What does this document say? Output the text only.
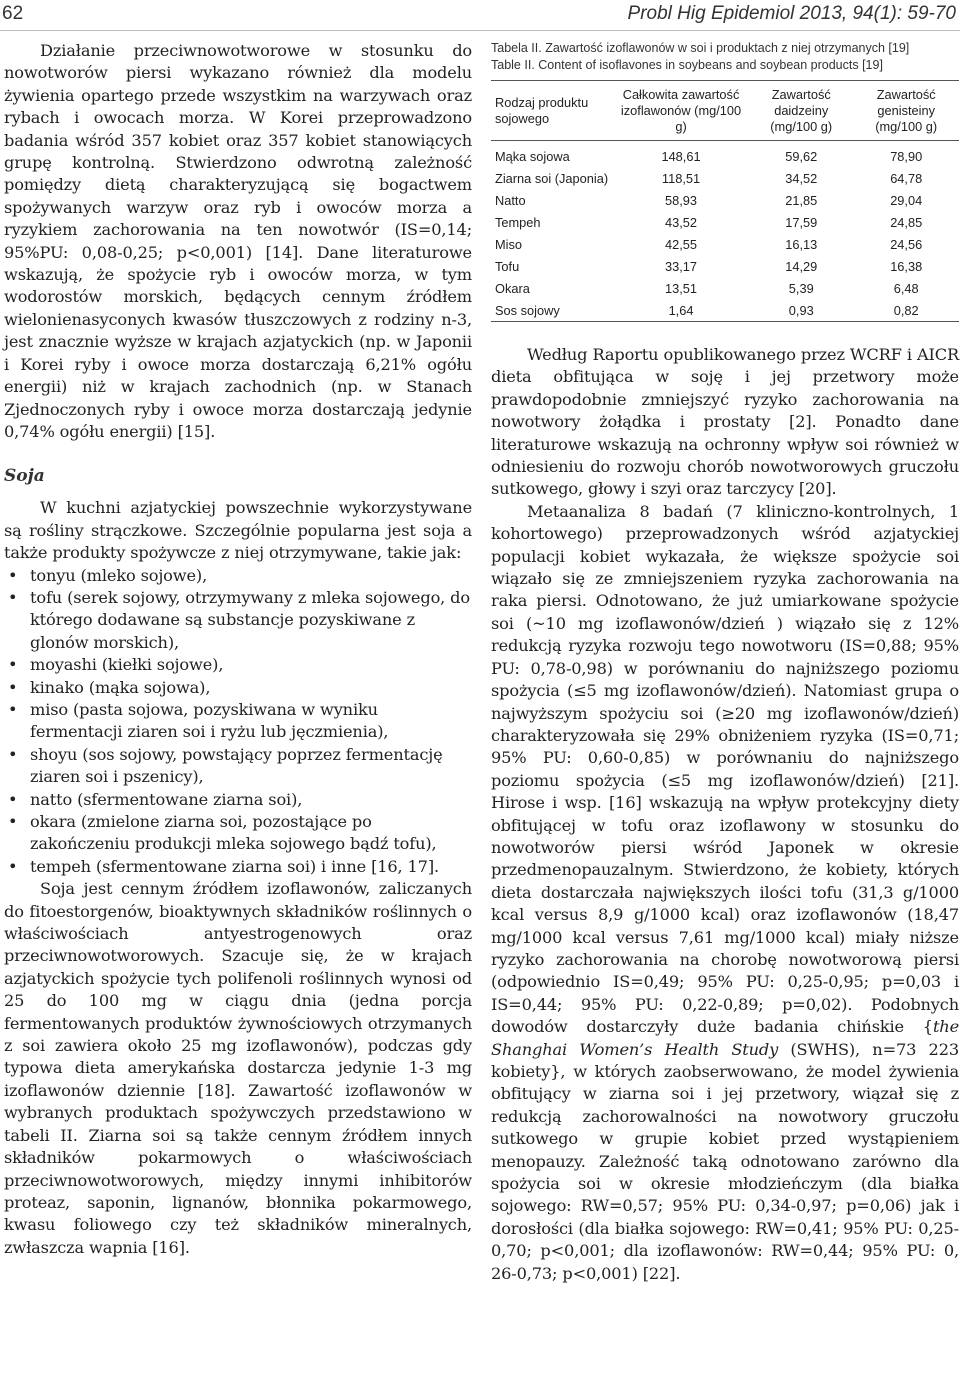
62	Probl Hig Epidemiol 2013, 94(1): 59-70

Działanie przeciwnowotworowe w stosunku do nowotworów piersi wykazano również dla modelu żywienia opartego przede wszystkim na warzywach oraz rybach i owocach morza. W Korei przeprowadzono badania wśród 357 kobiet oraz 357 kobiet stanowiących grupę kontrolną. Stwierdzono odwrotną zależność pomiędzy dietą charakteryzującą się bogactwem spożywanych warzyw oraz ryb i owoców morza a ryzykiem zachorowania na ten nowotwór (IS=0,14; 95%PU: 0,08-0,25; p<0,001) [14]. Dane literaturowe wskazują, że spożycie ryb i owoców morza, w tym wodorostów morskich, będących cennym źródłem wielonienasyconych kwasów tłuszczowych z rodziny n-3, jest znacznie wyższe w krajach azjatyckich (np. w Japonii i Korei ryby i owoce morza dostarczają 6,21% ogółu energii) niż w krajach zachodnich (np. w Stanach Zjednoczonych ryby i owoce morza dostarczają jedynie 0,74% ogółu energii) [15].

Soja

W kuchni azjatyckiej powszechnie wykorzystywane są rośliny strączkowe. Szczególnie popularna jest soja a także produkty spożywcze z niej otrzymywane, takie jak:

• tonyu (mleko sojowe),
• tofu (serek sojowy, otrzymywany z mleka sojowego, do którego dodawane są substancje pozyskiwane z glonów morskich),
• moyashi (kiełki sojowe),
• kinako (mąka sojowa),
• miso (pasta sojowa, pozyskiwana w wyniku fermentacji ziaren soi i ryżu lub jęczmienia),
• shoyu (sos sojowy, powstający poprzez fermentację ziaren soi i pszenicy),
• natto (sfermentowane ziarna soi),
• okara (zmielone ziarna soi, pozostające po zakończeniu produkcji mleka sojowego bądź tofu),
• tempeh (sfermentowane ziarna soi) i inne [16, 17].

Soja jest cennym źródłem izoflawonów, zaliczanych do fitoestorgenów, bioaktywnych składników roślinnych o właściwościach antyestrogenowych oraz przeciwnowotworowych. Szacuje się, że w krajach azjatyckich spożycie tych polifenoli roślinnych wynosi od 25 do 100 mg w ciągu dnia (jedna porcja fermentowanych produktów żywnościowych otrzymanych z soi zawiera około 25 mg izoflawonów), podczas gdy typowa dieta amerykańska dostarcza jedynie 1-3 mg izoflawonów dziennie [18]. Zawartość izoflawonów w wybranych produktach spożywczych przedstawiono w tabeli II. Ziarna soi są także cennym źródłem innych składników pokarmowych o właściwościach przeciwnowotworowych, między innymi inhibitorów proteaz, saponin, lignanów, błonnika pokarmowego, kwasu foliowego czy też składników mineralnych, zwłaszcza wapnia [16].

Tabela II. Zawartość izoflawonów w soi i produktach z niej otrzymanych [19]
Table II. Content of isoflavones in soybeans and soybean products [19]
Rodzaj produktu sojowego	Całkowita zawartość izoflawonów (mg/100 g)	Zawartość daidzeiny (mg/100 g)	Zawartość genisteiny (mg/100 g)
Mąka sojowa	148,61	59,62	78,90
Ziarna soi (Japonia)	118,51	34,52	64,78
Natto	58,93	21,85	29,04
Tempeh	43,52	17,59	24,85
Miso	42,55	16,13	24,56
Tofu	33,17	14,29	16,38
Okara	13,51	5,39	6,48
Sos sojowy	1,64	0,93	0,82

Według Raportu opublikowanego przez WCRF i AICR dieta obfitująca w soję i jej przetwory może prawdopodobnie zmniejszyć ryzyko zachorowania na nowotwory żołądka i prostaty [2]. Ponadto dane literaturowe wskazują na ochronny wpływ soi również w odniesieniu do rozwoju chorób nowotworowych gruczołu sutkowego, głowy i szyi oraz tarczycy [20].

Metaanaliza 8 badań (7 kliniczno-kontrolnych, 1 kohortowego) przeprowadzonych wśród azjatyckiej populacji kobiet wykazała, że większe spożycie soi wiązało się ze zmniejszeniem ryzyka zachorowania na raka piersi. Odnotowano, że już umiarkowane spożycie soi (~10 mg izoflawonów/dzień ) wiązało się z 12% redukcją ryzyka rozwoju tego nowotworu (IS=0,88; 95% PU: 0,78-0,98) w porównaniu do najniższego poziomu spożycia (≤5 mg izoflawonów/dzień). Natomiast grupa o najwyższym spożyciu soi (≥20 mg izoflawonów/dzień) charakteryzowała się 29% obniżeniem ryzyka (IS=0,71; 95% PU: 0,60-0,85) w porównaniu do najniższego poziomu spożycia (≤5 mg izoflawonów/dzień) [21]. Hirose i wsp. [16] wskazują na wpływ protekcyjny diety obfitującej w tofu oraz izoflawony w stosunku do nowotworów piersi wśród Japonek w okresie przedmenopauzalnym. Stwierdzono, że kobiety, których dieta dostarczała największych ilości tofu (31,3 g/1000 kcal versus 8,9 g/1000 kcal) oraz izoflawonów (18,47 mg/1000 kcal versus 7,61 mg/1000 kcal) miały niższe ryzyko zachorowania na chorobę nowotworową piersi (odpowiednio IS=0,49; 95% PU: 0,25-0,95; p=0,03 i IS=0,44; 95% PU: 0,22-0,89; p=0,02). Podobnych dowodów dostarczyły duże badania chińskie {the Shanghai Women’s Health Study (SWHS), n=73 223 kobiety}, w których zaobserwowano, że model żywienia obfitujący w ziarna soi i jej przetwory, wiązał się z redukcją zachorowalności na nowotwory gruczołu sutkowego w grupie kobiet przed wystąpieniem menopauzy. Zależność taką odnotowano zarówno dla spożycia soi w okresie młodzieńczym (dla białka sojowego: RW=0,57; 95% PU: 0,34-0,97; p=0,06) jak i dorosłości (dla białka sojowego: RW=0,41; 95% PU: 0,25-0,70; p<0,001; dla izoflawonów: RW=0,44; 95% PU: 0, 26-0,73; p<0,001) [22].
